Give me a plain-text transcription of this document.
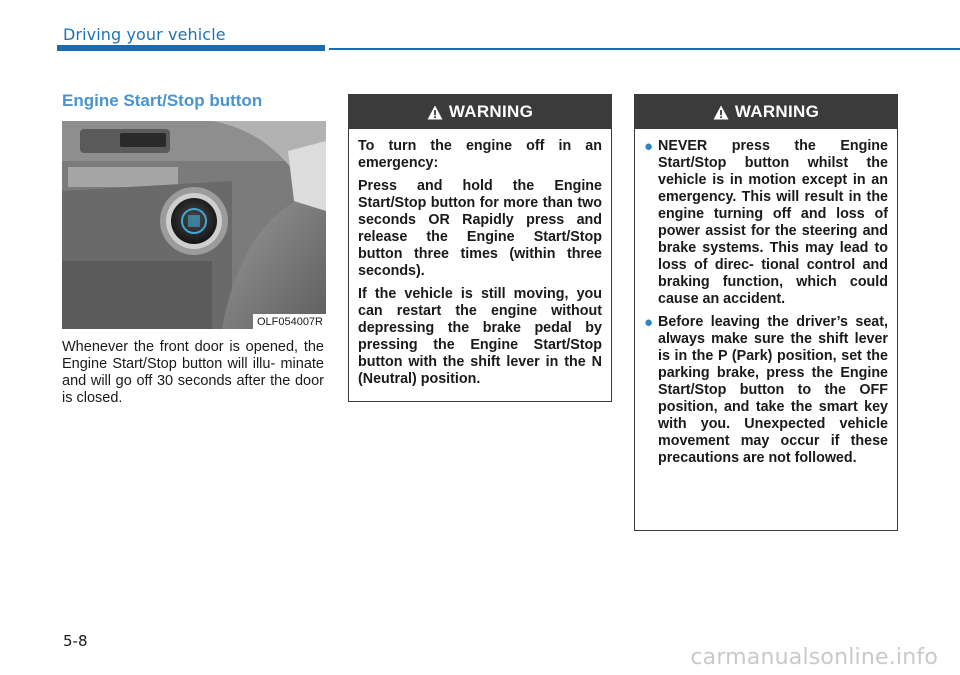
Driving your vehicle
Engine Start/Stop button
OLF054007R
Whenever the front door is opened, the Engine Start/Stop button will illu- minate and will go off 30 seconds after the door is closed.
WARNING

To turn the engine off in an emergency:

Press and hold the Engine Start/Stop button for more than two seconds OR Rapidly press and release the Engine Start/Stop button three times (within three seconds).

If the vehicle is still moving, you can restart the engine without depressing the brake pedal by pressing the Engine Start/Stop button with the shift lever in the N (Neutral) position.

WARNING
● NEVER press the Engine Start/Stop button whilst the vehicle is in motion except in an emergency. This will result in the engine turning off and loss of power assist for the steering and brake systems. This may lead to loss of direc- tional control and braking function, which could cause an accident.
● Before leaving the driver’s seat, always make sure the shift lever is in the P (Park) position, set the parking brake, press the Engine Start/Stop button to the OFF position, and take the smart key with you. Unexpected vehicle movement may occur if these precautions are not followed.
5-8
carmanualsonline.info
